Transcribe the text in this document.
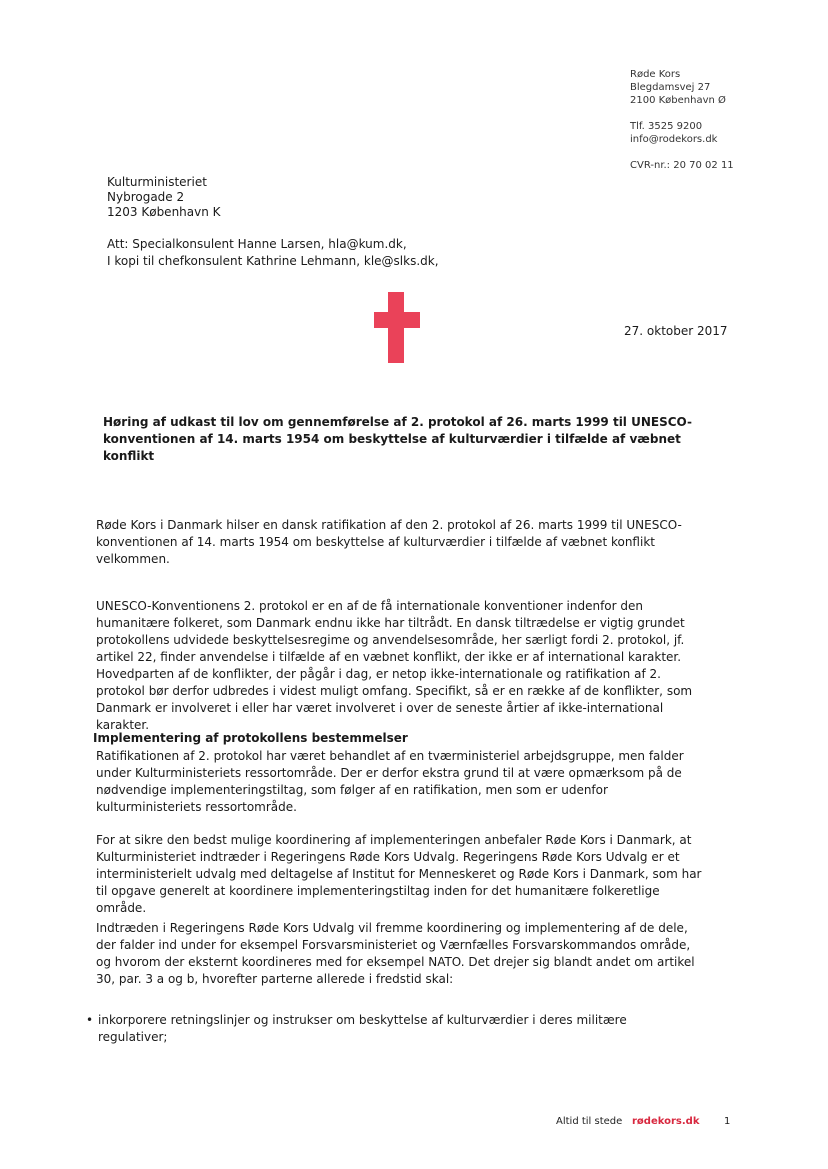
Røde Kors
Blegdamsvej 27
2100 København Ø
Tlf. 3525 9200
info@rodekors.dk
CVR-nr.: 20 70 02 11
Kulturministeriet
Nybrogade 2
1203 København K
Att: Specialkonsulent Hanne Larsen, hla@kum.dk,
I kopi til chefkonsulent Kathrine Lehmann, kle@slks.dk,
27. oktober 2017
Høring af udkast til lov om gennemførelse af 2. protokol af 26. marts 1999 til UNESCO-konventionen af 14. marts 1954 om beskyttelse af kulturværdier i tilfælde af væbnet konflikt
Røde Kors i Danmark hilser en dansk ratifikation af den 2. protokol af 26. marts 1999 til UNESCO-konventionen af 14. marts 1954 om beskyttelse af kulturværdier i tilfælde af væbnet konflikt velkommen.
UNESCO-Konventionens 2. protokol er en af de få internationale konventioner indenfor den humanitære folkeret, som Danmark endnu ikke har tiltrådt. En dansk tiltrædelse er vigtig grundet protokollens udvidede beskyttelsesregime og anvendelsesområde, her særligt fordi 2. protokol, jf. artikel 22, finder anvendelse i tilfælde af en væbnet konflikt, der ikke er af international karakter. Hovedparten af de konflikter, der pågår i dag, er netop ikke-internationale og ratifikation af 2. protokol bør derfor udbredes i videst muligt omfang. Specifikt, så er en række af de konflikter, som Danmark er involveret i eller har været involveret i over de seneste årtier af ikke-international karakter.
Implementering af protokollens bestemmelser
Ratifikationen af 2. protokol har været behandlet af en tværministeriel arbejdsgruppe, men falder under Kulturministeriets ressortområde. Der er derfor ekstra grund til at være opmærksom på de nødvendige implementeringstiltag, som følger af en ratifikation, men som er udenfor kulturministeriets ressortområde.
For at sikre den bedst mulige koordinering af implementeringen anbefaler Røde Kors i Danmark, at Kulturministeriet indtræder i Regeringens Røde Kors Udvalg. Regeringens Røde Kors Udvalg er et interministerielt udvalg med deltagelse af Institut for Menneskeret og Røde Kors i Danmark, som har til opgave generelt at koordinere implementeringstiltag inden for det humanitære folkeretlige område.
Indtræden i Regeringens Røde Kors Udvalg vil fremme koordinering og implementering af de dele, der falder ind under for eksempel Forsvarsministeriet og Værnfælles Forsvarskommandos område, og hvorom der eksternt koordineres med for eksempel NATO. Det drejer sig blandt andet om artikel 30, par. 3 a og b, hvorefter parterne allerede i fredstid skal:
• inkorporere retningslinjer og instrukser om beskyttelse af kulturværdier i deres militære regulativer;
Altid til stede rødekors.dk 1
